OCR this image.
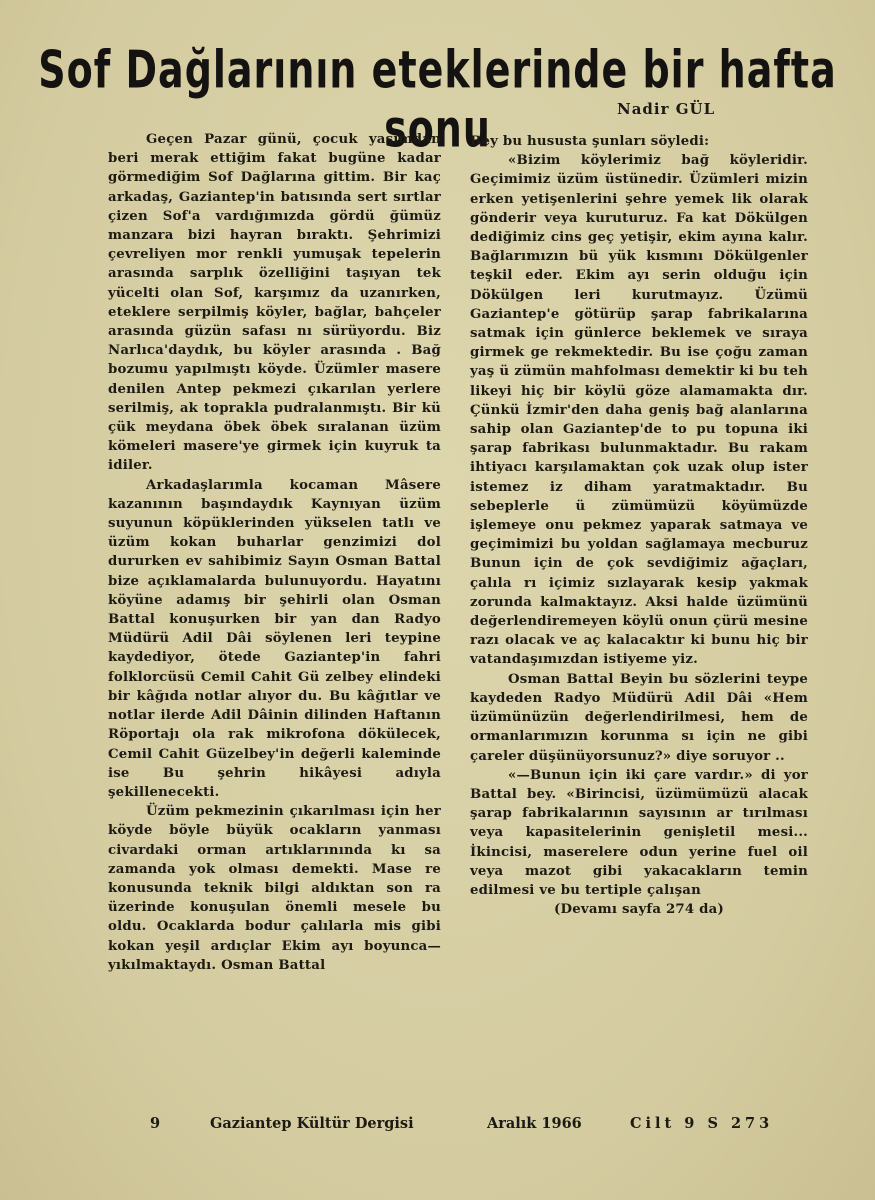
Sof Dağlarının eteklerinde bir hafta sonu	Nadir GÜL

Geçen Pazar günü, çocuk yaşımdan beri merak ettiğim fakat bugüne kadar görmediğim Sof Dağlarına gittim. Bir kaç arkadaş, Gaziantep'in batısında sert sırtlar çizen Sof'a vardığımızda gördü ğümüz manzara bizi hayran bıraktı. Şehrimizi çevreliyen mor renkli yumuşak tepelerin arasında sarplık özelliğini taşıyan tek yücelti olan Sof, karşımız da uzanırken, eteklere serpilmiş köyler, bağlar, bahçeler arasında güzün safası nı sürüyordu. Biz Narlıca'daydık, bu köyler arasında . Bağ bozumu yapılmıştı köyde. Üzümler masere denilen Antep pekmezi çıkarılan yerlere serilmiş, ak toprakla pudralanmıştı. Bir kü çük meydana öbek öbek sıralanan üzüm kömeleri masere'ye girmek için kuyruk ta idiler.

Arkadaşlarımla kocaman Mâsere kazanının başındaydık Kaynıyan üzüm suyunun köpüklerinden yükselen tatlı ve üzüm kokan buharlar genzimizi dol dururken ev sahibimiz Sayın Osman Battal bize açıklamalarda bulunuyordu. Hayatını köyüne adamış bir şehirli olan Osman Battal konuşurken bir yan dan Radyo Müdürü Adil Dâi söylenen leri teypine kaydediyor, ötede Gaziantep'in fahri folklorcüsü Cemil Cahit Gü zelbey elindeki bir kâğıda notlar alıyor du. Bu kâğıtlar ve notlar ilerde Adil Dâinin dilinden Haftanın Röportajı ola rak mikrofona dökülecek, Cemil Cahit Güzelbey'in değerli kaleminde ise Bu şehrin hikâyesi adıyla şekillenecekti.

Üzüm pekmezinin çıkarılması için her köyde böyle büyük ocakların yanması civardaki orman artıklarınında kı sa zamanda yok olması demekti. Mase re konusunda teknik bilgi aldıktan son ra üzerinde konuşulan önemli mesele bu oldu. Ocaklarda bodur çalılarla mis gibi kokan yeşil ardıçlar Ekim ayı boyunca—yıkılmaktaydı. Osman Battal

Bey bu hususta şunları söyledi:

«Bizim köylerimiz bağ köyleridir. Geçimimiz üzüm üstünedir. Üzümleri mizin erken yetişenlerini şehre yemek lik olarak gönderir veya kuruturuz. Fa kat Dökülgen dediğimiz cins geç yetişir, ekim ayına kalır. Bağlarımızın bü yük kısmını Dökülgenler teşkil eder. Ekim ayı serin olduğu için Dökülgen leri kurutmayız. Üzümü Gaziantep'e götürüp şarap fabrikalarına satmak için günlerce beklemek ve sıraya girmek ge rekmektedir. Bu ise çoğu zaman yaş ü zümün mahfolması demektir ki bu teh likeyi hiç bir köylü göze alamamakta dır. Çünkü İzmir'den daha geniş bağ alanlarına sahip olan Gaziantep'de to pu topuna iki şarap fabrikası bulunmaktadır. Bu rakam ihtiyacı karşılamaktan çok uzak olup ister istemez iz diham yaratmaktadır. Bu sebeplerle ü zümümüzü köyümüzde işlemeye onu pekmez yaparak satmaya ve geçimimizi bu yoldan sağlamaya mecburuz Bunun için de çok sevdiğimiz ağaçları, çalıla rı içimiz sızlayarak kesip yakmak zorunda kalmaktayız. Aksi halde üzümünü değerlendiremeyen köylü onun çürü mesine razı olacak ve aç kalacaktır ki bunu hiç bir vatandaşımızdan istiyeme yiz.

Osman Battal Beyin bu sözlerini teype kaydeden Radyo Müdürü Adil Dâi «Hem üzümünüzün değerlendirilmesi, hem de ormanlarımızın korunma sı için ne gibi çareler düşünüyorsunuz?» diye soruyor ..

«—Bunun için iki çare vardır.» di yor Battal bey. «Birincisi, üzümümüzü alacak şarap fabrikalarının sayısının ar tırılması veya kapasitelerinin genişletil mesi... İkincisi, maserelere odun yerine fuel oil veya mazot gibi yakacakların temin edilmesi ve bu tertiple çalışan

(Devamı sayfa 274 da)

9	Gaziantep Kültür Dergisi	Aralık 1966	Cilt 9 S 273
